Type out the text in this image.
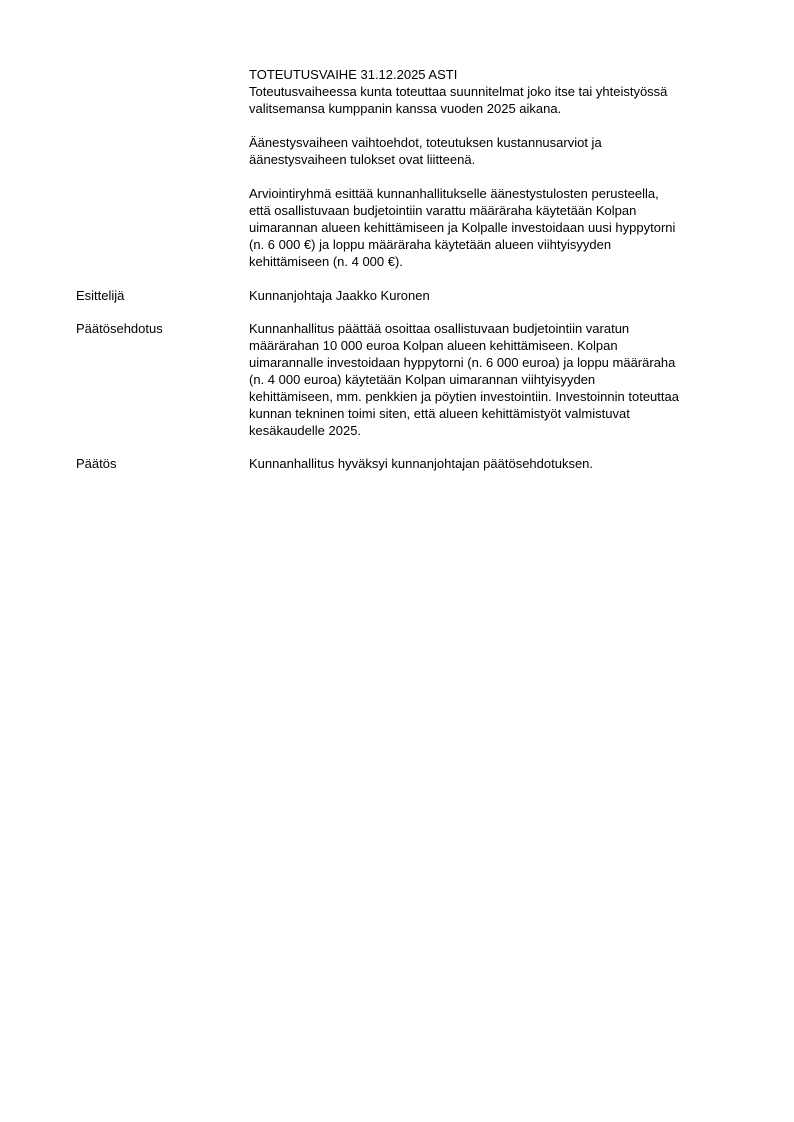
TOTEUTUSVAIHE 31.12.2025 ASTI
Toteutusvaiheessa kunta toteuttaa suunnitelmat joko itse tai yhteistyössä
valitsemansa kumppanin kanssa vuoden 2025 aikana.

Äänestysvaiheen vaihtoehdot, toteutuksen kustannusarviot ja
äänestysvaiheen tulokset ovat liitteenä.

Arviointiryhmä esittää kunnanhallitukselle äänestystulosten perusteella,
että osallistuvaan budjetointiin varattu määräraha käytetään Kolpan
uimarannan alueen kehittämiseen ja Kolpalle investoidaan uusi hyppytorni
(n. 6 000 €) ja loppu määräraha käytetään alueen viihtyisyyden
kehittämiseen (n. 4 000 €).

Esittelijä	Kunnanjohtaja Jaakko Kuronen
Päätösehdotus	Kunnanhallitus päättää osoittaa osallistuvaan budjetointiin varatun
määrärahan 10 000 euroa Kolpan alueen kehittämiseen. Kolpan
uimarannalle investoidaan hyppytorni (n. 6 000 euroa) ja loppu määräraha
(n. 4 000 euroa) käytetään Kolpan uimarannan viihtyisyyden
kehittämiseen, mm. penkkien ja pöytien investointiin. Investoinnin toteuttaa
kunnan tekninen toimi siten, että alueen kehittämistyöt valmistuvat
kesäkaudelle 2025.
Päätös	Kunnanhallitus hyväksyi kunnanjohtajan päätösehdotuksen.
